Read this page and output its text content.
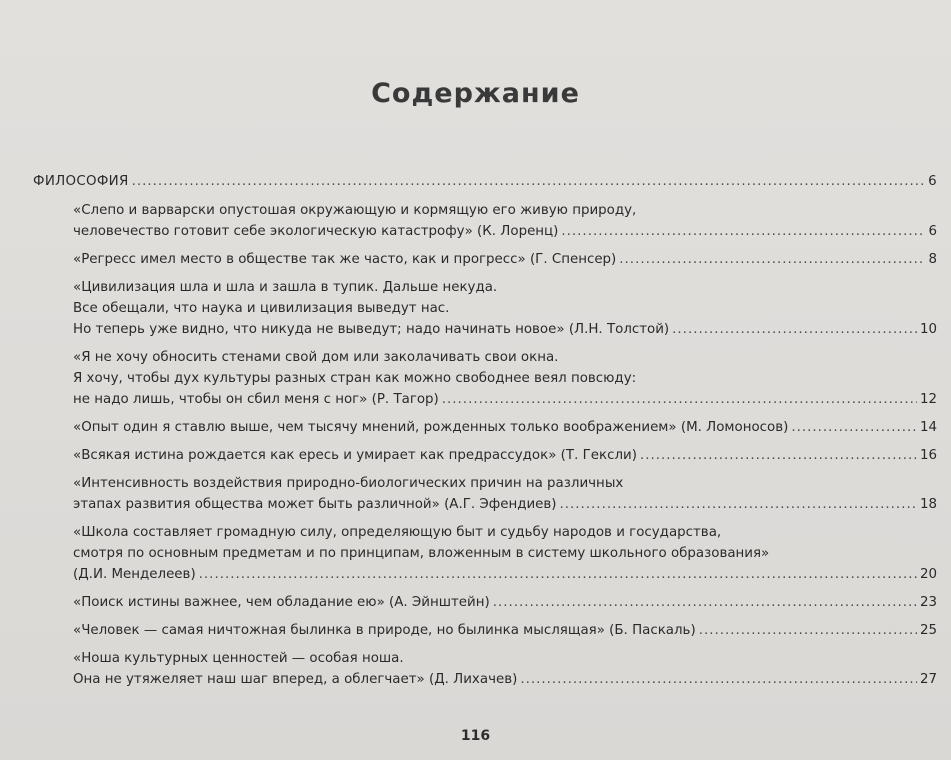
Содержание
ФИЛОСОФИЯ .....	6
«Слепо и варварски опустошая окружающую и кормящую его живую природу,
человечество готовит себе экологическую катастрофу» (К. Лоренц) .....	6
«Регресс имел место в обществе так же часто, как и прогресс» (Г. Спенсер) .....	8
«Цивилизация шла и шла и зашла в тупик. Дальше некуда.
Все обещали, что наука и цивилизация выведут нас.
Но теперь уже видно, что никуда не выведут; надо начинать новое» (Л.Н. Толстой) .....	10
«Я не хочу обносить стенами свой дом или заколачивать свои окна.
Я хочу, чтобы дух культуры разных стран как можно свободнее веял повсюду:
не надо лишь, чтобы он сбил меня с ног» (Р. Тагор) .....	12
«Опыт один я ставлю выше, чем тысячу мнений, рожденных только воображением» (М. Ломоносов) .....	14
«Всякая истина рождается как ересь и умирает как предрассудок» (Т. Гексли) .....	16
«Интенсивность воздействия природно-биологических причин на различных
этапах развития общества может быть различной» (А.Г. Эфендиев) .....	18
«Школа составляет громадную силу, определяющую быт и судьбу народов и государства,
смотря по основным предметам и по принципам, вложенным в систему школьного образования»
(Д.И. Менделеев) .....	20
«Поиск истины важнее, чем обладание ею» (А. Эйнштейн) .....	23
«Человек — самая ничтожная былинка в природе, но былинка мыслящая» (Б. Паскаль) .....	25
«Ноша культурных ценностей — особая ноша.
Она не утяжеляет наш шаг вперед, а облегчает» (Д. Лихачев) .....	27
116
